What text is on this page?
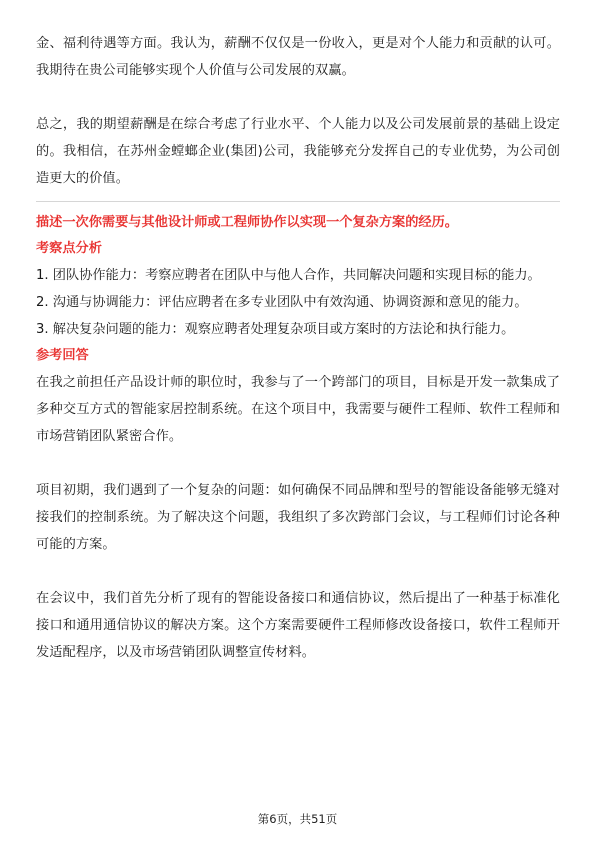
金、福利待遇等方面。我认为，薪酬不仅仅是一份收入，更是对个人能力和贡献的认可。我期待在贵公司能够实现个人价值与公司发展的双赢。

总之，我的期望薪酬是在综合考虑了行业水平、个人能力以及公司发展前景的基础上设定的。我相信，在苏州金螳螂企业(集团)公司，我能够充分发挥自己的专业优势，为公司创造更大的价值。

描述一次你需要与其他设计师或工程师协作以实现一个复杂方案的经历。

考察点分析

1. 团队协作能力：考察应聘者在团队中与他人合作，共同解决问题和实现目标的能力。

2. 沟通与协调能力：评估应聘者在多专业团队中有效沟通、协调资源和意见的能力。

3. 解决复杂问题的能力：观察应聘者处理复杂项目或方案时的方法论和执行能力。

参考回答

在我之前担任产品设计师的职位时，我参与了一个跨部门的项目，目标是开发一款集成了多种交互方式的智能家居控制系统。在这个项目中，我需要与硬件工程师、软件工程师和市场营销团队紧密合作。

项目初期，我们遇到了一个复杂的问题：如何确保不同品牌和型号的智能设备能够无缝对接我们的控制系统。为了解决这个问题，我组织了多次跨部门会议，与工程师们讨论各种可能的方案。

在会议中，我们首先分析了现有的智能设备接口和通信协议，然后提出了一种基于标准化接口和通用通信协议的解决方案。这个方案需要硬件工程师修改设备接口，软件工程师开发适配程序，以及市场营销团队调整宣传材料。

第6页，共51页
